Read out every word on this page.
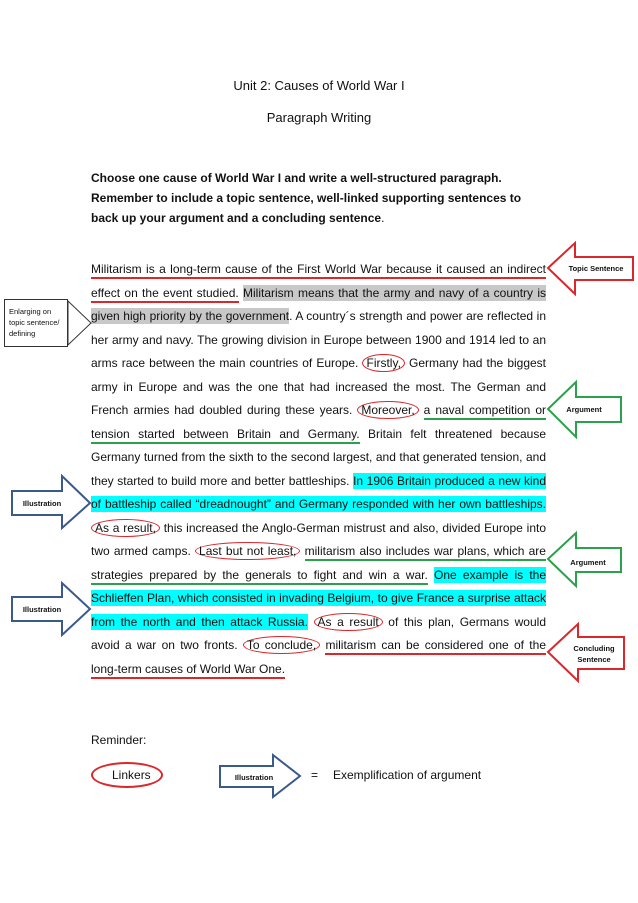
Unit 2: Causes of World War I
Paragraph Writing
Choose one cause of World War I and write a well-structured paragraph. Remember to include a topic sentence, well-linked supporting sentences to back up your argument and a concluding sentence.
Militarism is a long-term cause of the First World War because it caused an indirect effect on the event studied. Militarism means that the army and navy of a country is given high priority by the government. A country´s strength and power are reflected in her army and navy. The growing division in Europe between 1900 and 1914 led to an arms race between the main countries of Europe. Firstly, Germany had the biggest army in Europe and was the one that had increased the most. The German and French armies had doubled during these years. Moreover, a naval competition or tension started between Britain and Germany. Britain felt threatened because Germany turned from the sixth to the second largest, and that generated tension, and they started to build more and better battleships. In 1906 Britain produced a new kind of battleship called “dreadnought” and Germany responded with her own battleships. As a result, this increased the Anglo-German mistrust and also, divided Europe into two armed camps. Last but not least, militarism also includes war plans, which are strategies prepared by the generals to fight and win a war. One example is the Schlieffen Plan, which consisted in invading Belgium, to give France a surprise attack from the north and then attack Russia. As a result of this plan, Germans would avoid a war on two fronts. To conclude, militarism can be considered one of the long-term causes of World War One.
Topic Sentence
Argument
Argument
Concluding
Sentence
Illustration
Illustration
Illustration
Enlarging on topic sentence/ defining
Reminder:
Linkers	= Exemplification of argument
